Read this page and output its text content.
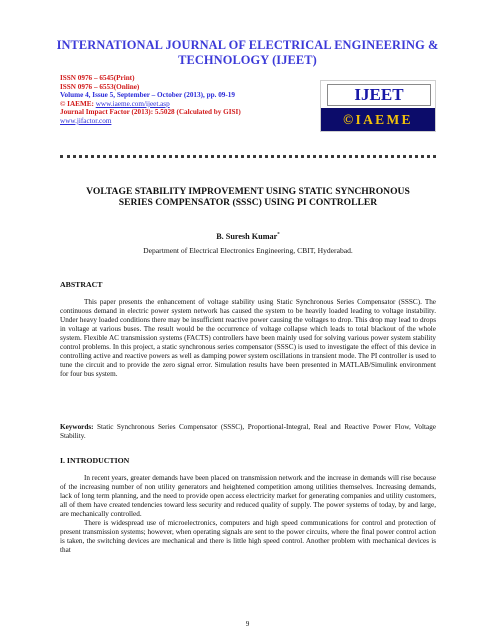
INTERNATIONAL JOURNAL OF ELECTRICAL ENGINEERING &
TECHNOLOGY (IJEET)
ISSN 0976 – 6545(Print)
ISSN 0976 – 6553(Online)
Volume 4, Issue 5, September – October (2013), pp. 09-19
© IAEME: www.iaeme.com/ijeet.asp
Journal Impact Factor (2013): 5.5028 (Calculated by GISI)
www.jifactor.com
IJEET
©IAEME
VOLTAGE STABILITY IMPROVEMENT USING STATIC SYNCHRONOUS
SERIES COMPENSATOR (SSSC) USING PI CONTROLLER
B. Suresh Kumar*
Department of Electrical Electronics Engineering, CBIT, Hyderabad.
ABSTRACT

This paper presents the enhancement of voltage stability using Static Synchronous Series Compensator (SSSC). The continuous demand in electric power system network has caused the system to be heavily loaded leading to voltage instability. Under heavy loaded conditions there may be insufficient reactive power causing the voltages to drop. This drop may lead to drops in voltage at various buses. The result would be the occurrence of voltage collapse which leads to total blackout of the whole system. Flexible AC transmission systems (FACTS) controllers have been mainly used for solving various power system stability control problems. In this project, a static synchronous series compensator (SSSC) is used to investigate the effect of this device in controlling active and reactive powers as well as damping power system oscillations in transient mode. The PI controller is used to tune the circuit and to provide the zero signal error. Simulation results have been presented in MATLAB/Simulink environment for four bus system.

Keywords: Static Synchronous Series Compensator (SSSC), Proportional-Integral, Real and Reactive Power Flow, Voltage Stability.
I. INTRODUCTION

In recent years, greater demands have been placed on transmission network and the increase in demands will rise because of the increasing number of non utility generators and heightened competition among utilities themselves. Increasing demands, lack of long term planning, and the need to provide open access electricity market for generating companies and utility customers, all of them have created tendencies toward less security and reduced quality of supply. The power systems of today, by and large, are mechanically controlled.

There is widespread use of microelectronics, computers and high speed communications for control and protection of present transmission systems; however, when operating signals are sent to the power circuits, where the final power control action is taken, the switching devices are mechanical and there is little high speed control. Another problem with mechanical devices is that

9
